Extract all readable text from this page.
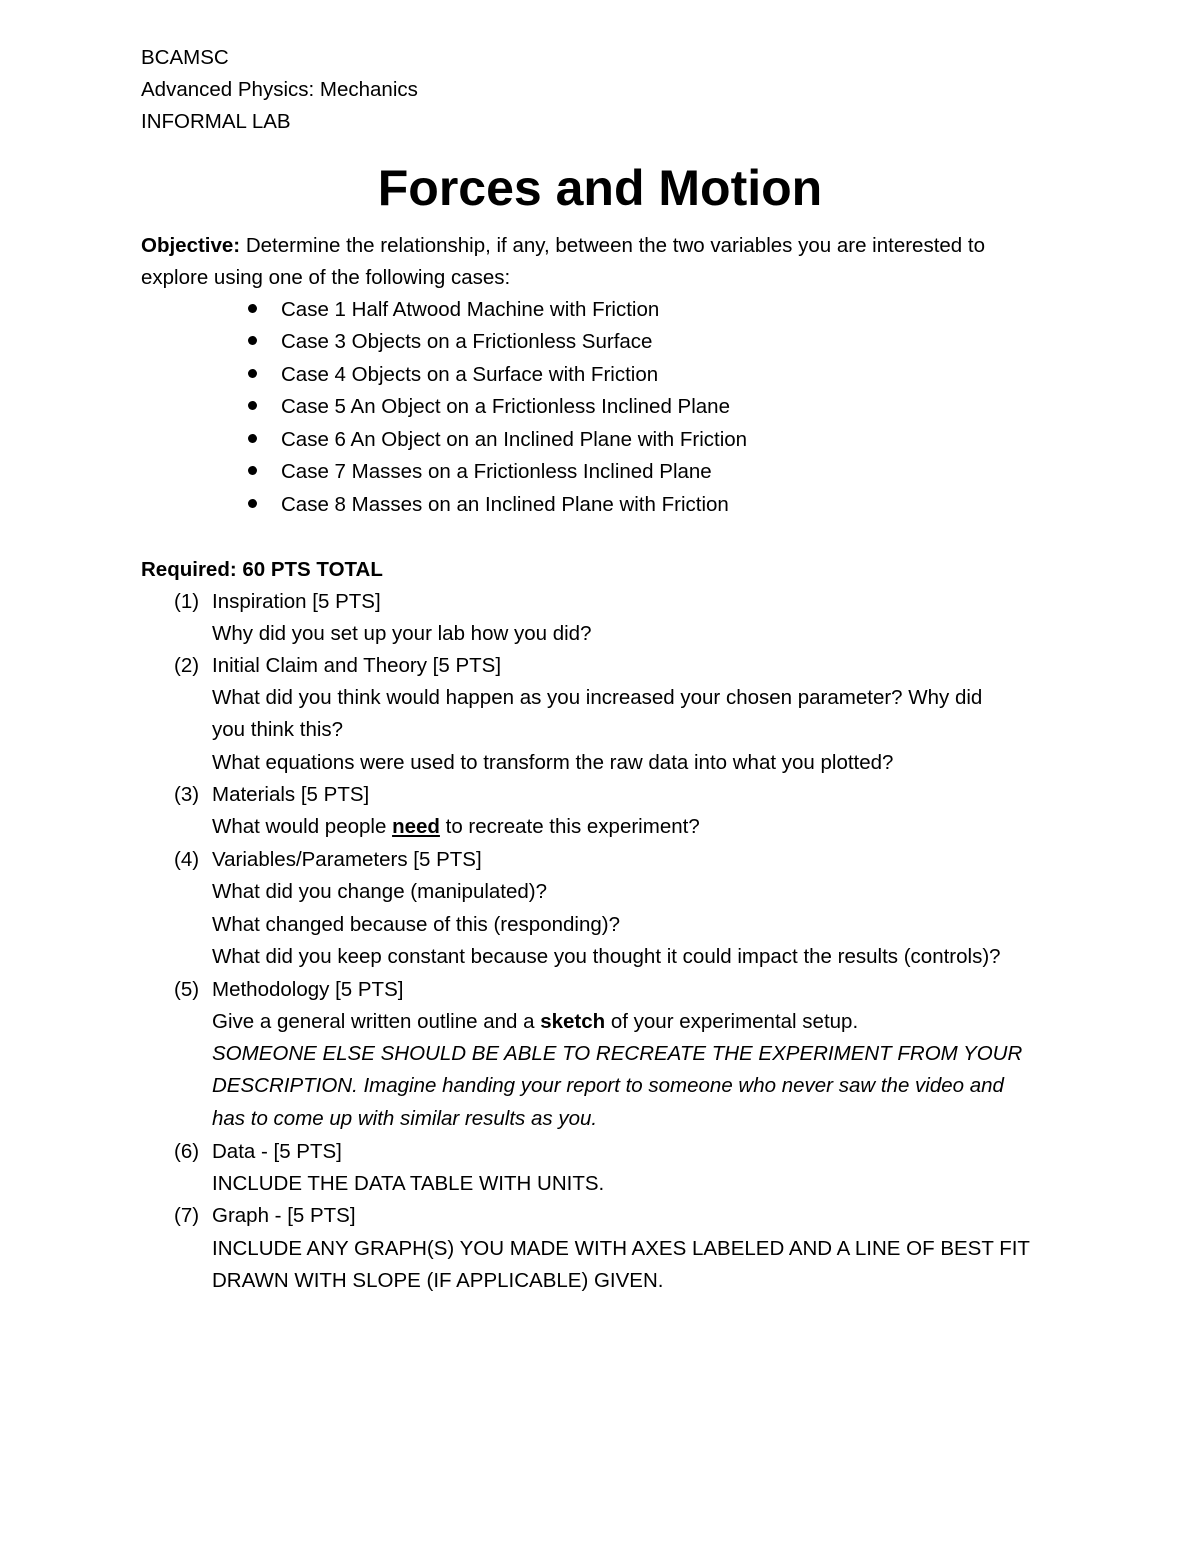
BCAMSC
Advanced Physics: Mechanics
INFORMAL LAB
Forces and Motion
Objective: Determine the relationship, if any, between the two variables you are interested to
explore using one of the following cases:
Case 1 Half Atwood Machine with Friction
Case 3 Objects on a Frictionless Surface
Case 4 Objects on a Surface with Friction
Case 5 An Object on a Frictionless Inclined Plane
Case 6 An Object on an Inclined Plane with Friction
Case 7 Masses on a Frictionless Inclined Plane
Case 8 Masses on an Inclined Plane with Friction
Required: 60 PTS TOTAL
(1) Inspiration [5 PTS]
Why did you set up your lab how you did?
(2) Initial Claim and Theory [5 PTS]
What did you think would happen as you increased your chosen parameter? Why did
you think this?
What equations were used to transform the raw data into what you plotted?
(3) Materials [5 PTS]
What would people need to recreate this experiment?
(4) Variables/Parameters [5 PTS]
What did you change (manipulated)?
What changed because of this (responding)?
What did you keep constant because you thought it could impact the results (controls)?
(5) Methodology [5 PTS]
Give a general written outline and a sketch of your experimental setup.
SOMEONE ELSE SHOULD BE ABLE TO RECREATE THE EXPERIMENT FROM YOUR
DESCRIPTION. Imagine handing your report to someone who never saw the video and
has to come up with similar results as you.
(6) Data - [5 PTS]
INCLUDE THE DATA TABLE WITH UNITS.
(7) Graph - [5 PTS]
INCLUDE ANY GRAPH(S) YOU MADE WITH AXES LABELED AND A LINE OF BEST FIT
DRAWN WITH SLOPE (IF APPLICABLE) GIVEN.
